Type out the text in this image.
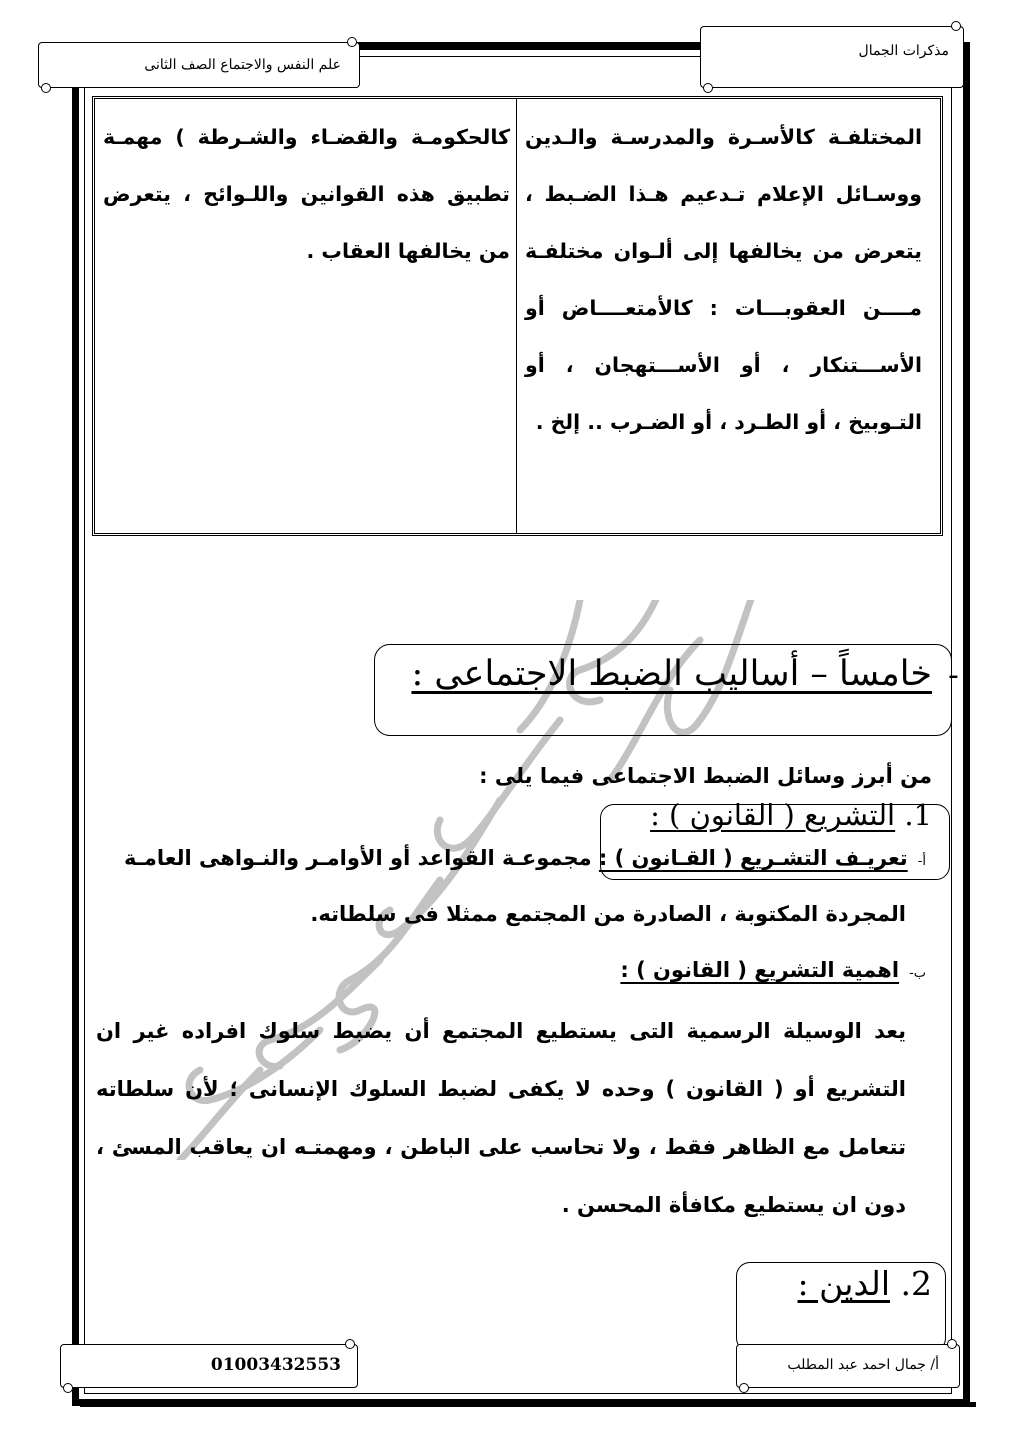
علم النفس والاجتماع الصف الثانى
مذكرات الجمال
المختلفـة كالأسـرة والمدرسـة والـدين ووسـائل الإعلام تـدعيم هـذا الضـبط ، يتعرض من يخالفها إلى ألـوان مختلفـة مــــن العقوبـــات : كالأمتعــــاض أو الأســـتنكار ، أو الأســـتهجان ، أو التـوبيخ ، أو الطـرد ، أو الضـرب .. إلخ .
كالحكومـة والقضـاء والشـرطة ) مهمـة تطبيق هذه القوانين واللـوائح ، يتعرض من يخالفها العقاب .
-
خامساً – أساليب الضبط الاجتماعى :
من أبرز وسائل الضبط الاجتماعى فيما يلى :
1. التشريع ( القانون ) :
أ-تعريـف التشـريع ( القـانون ) : مجموعـة القواعد أو الأوامـر والنـواهى العامـة
المجردة المكتوبة ، الصادرة من المجتمع ممثلا فى سلطاته.
ب-اهمية التشريع ( القانون ) :
يعد الوسيلة الرسمية التى يستطيع المجتمع أن يضبط سلوك افراده غير ان التشريع أو ( القانون ) وحده لا يكفى لضبط السلوك الإنسانى ؛ لأن سلطاته تتعامل مع الظاهر فقط ، ولا تحاسب على الباطن ، ومهمتـه ان يعاقب المسئ ، دون ان يستطيع مكافأة المحسن .
2. الدين :
01003432553	أ/ جمال احمد عبد المطلب
